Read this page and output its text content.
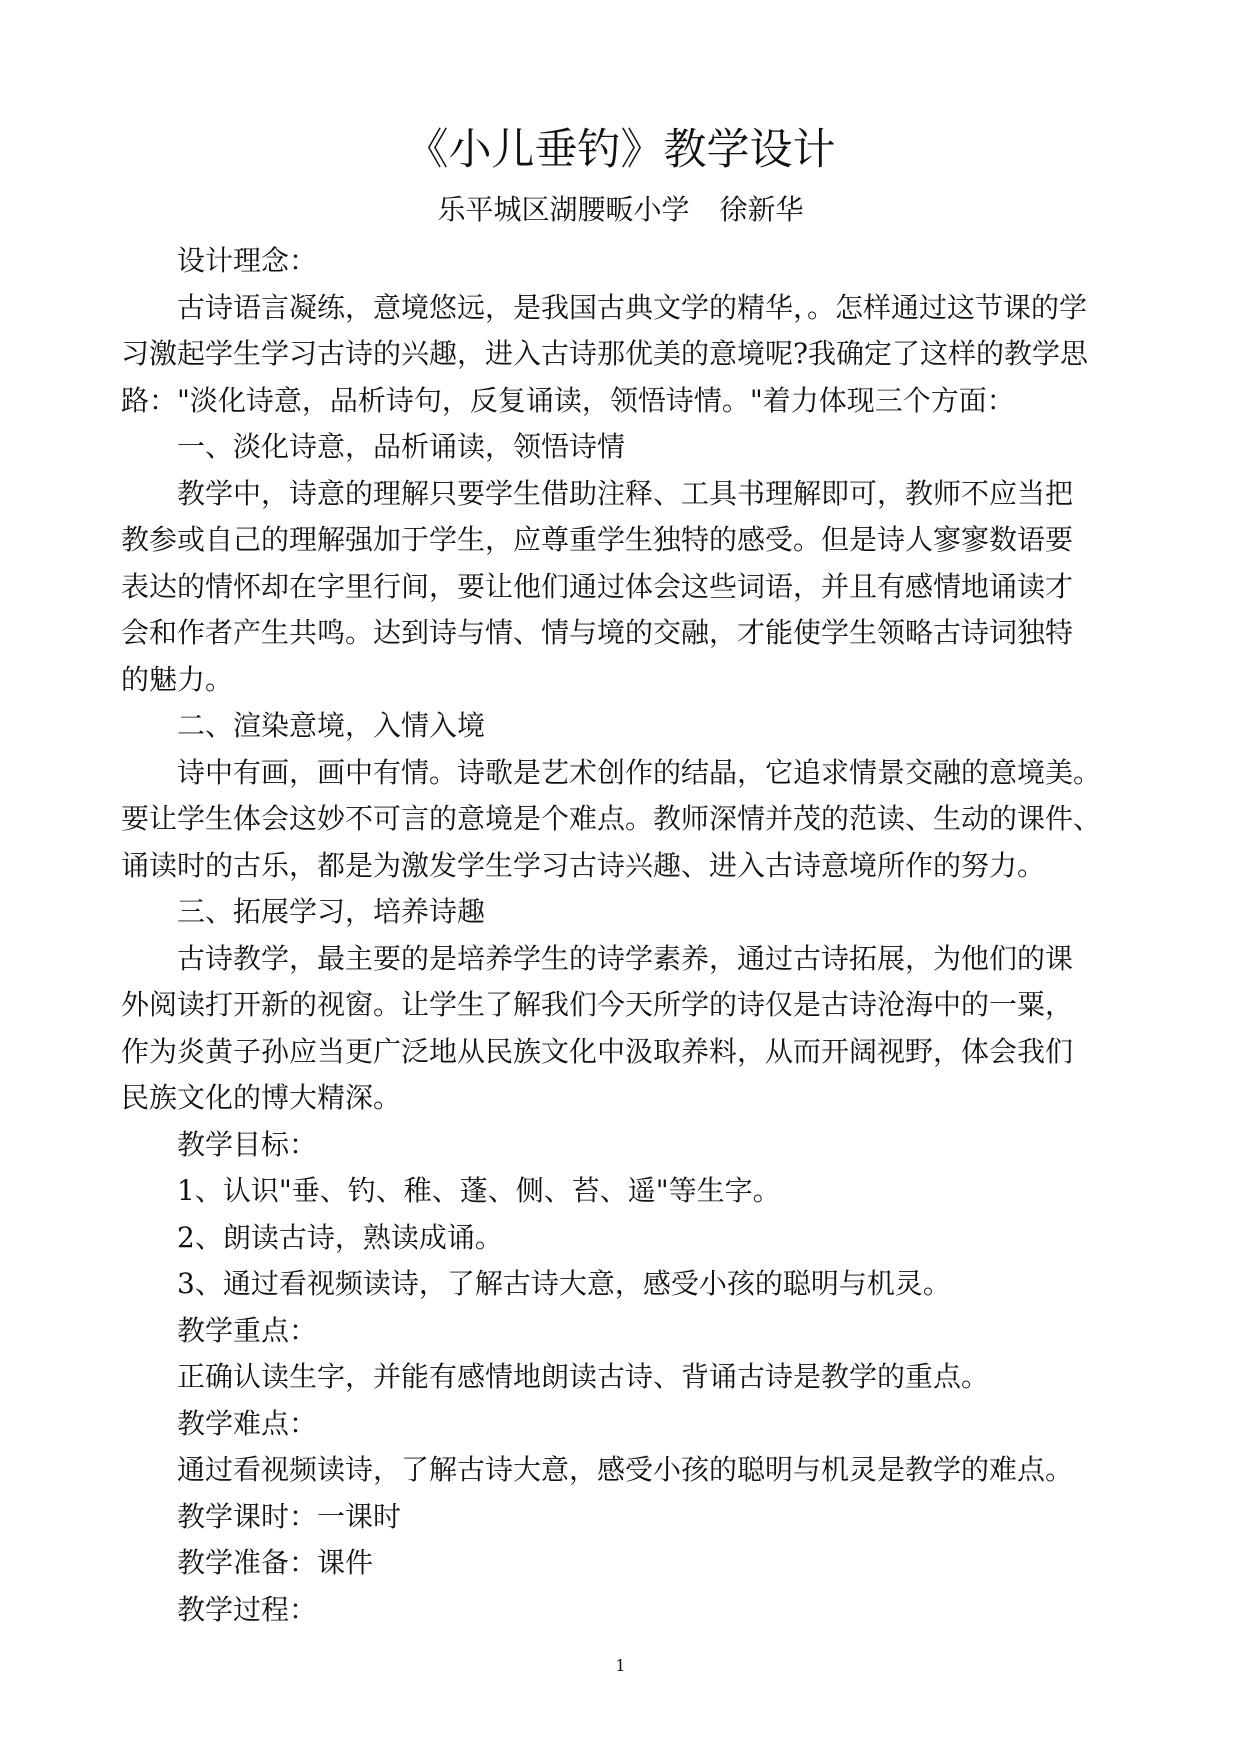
《小儿垂钓》教学设计
乐平城区湖腰畈小学 徐新华
设计理念：
古诗语言凝练，意境悠远，是我国古典文学的精华，。怎样通过这节课的学
习激起学生学习古诗的兴趣，进入古诗那优美的意境呢?我确定了这样的教学思
路："淡化诗意，品析诗句，反复诵读，领悟诗情。"着力体现三个方面：
一、淡化诗意，品析诵读，领悟诗情
教学中，诗意的理解只要学生借助注释、工具书理解即可，教师不应当把
教参或自己的理解强加于学生，应尊重学生独特的感受。但是诗人寥寥数语要
表达的情怀却在字里行间，要让他们通过体会这些词语，并且有感情地诵读才
会和作者产生共鸣。达到诗与情、情与境的交融，才能使学生领略古诗词独特
的魅力。
二、渲染意境，入情入境
诗中有画，画中有情。诗歌是艺术创作的结晶，它追求情景交融的意境美。
要让学生体会这妙不可言的意境是个难点。教师深情并茂的范读、生动的课件、
诵读时的古乐，都是为激发学生学习古诗兴趣、进入古诗意境所作的努力。
三、拓展学习，培养诗趣
古诗教学，最主要的是培养学生的诗学素养，通过古诗拓展，为他们的课
外阅读打开新的视窗。让学生了解我们今天所学的诗仅是古诗沧海中的一粟，
作为炎黄子孙应当更广泛地从民族文化中汲取养料，从而开阔视野，体会我们
民族文化的博大精深。
教学目标：
1、认识"垂、钓、稚、蓬、侧、苔、遥"等生字。
2、朗读古诗，熟读成诵。
3、通过看视频读诗，了解古诗大意，感受小孩的聪明与机灵。
教学重点：
正确认读生字，并能有感情地朗读古诗、背诵古诗是教学的重点。
教学难点：
通过看视频读诗，了解古诗大意，感受小孩的聪明与机灵是教学的难点。
教学课时：一课时
教学准备：课件
教学过程：
1
